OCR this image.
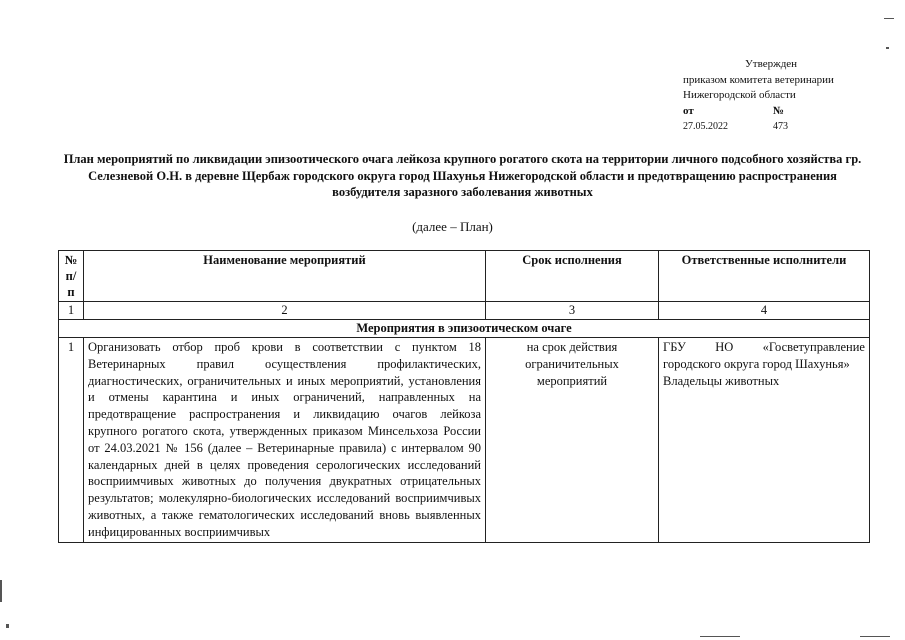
Утвержден
приказом комитета ветеринарии
Нижегородской области
от	№
27.05.2022	473
План мероприятий по ликвидации эпизоотического очага лейкоза крупного рогатого скота на территории личного подсобного хозяйства гр. Селезневой О.Н. в деревне Щербаж городского округа город Шахунья Нижегородской области и предотвращению распространения возбудителя заразного заболевания животных
(далее – План)
№ п/п	Наименование мероприятий	Срок исполнения	Ответственные исполнители
1	2	3	4
Мероприятия в эпизоотическом очаге			
1	Организовать отбор проб крови в соответствии с пунктом 18 Ветеринарных правил осуществления профилактических, диагностических, ограничительных и иных мероприятий, установления и отмены карантина и иных ограничений, направленных на предотвращение распространения и ликвидацию очагов лейкоза крупного рогатого скота, утвержденных приказом Минсельхоза России от 24.03.2021 № 156 (далее – Ветеринарные правила) с интервалом 90 календарных дней в целях проведения серологических исследований восприимчивых животных до получения двукратных отрицательных результатов; молекулярно-биологических исследований восприимчивых животных, а также гематологических исследований вновь выявленных инфицированных восприимчивых	на срок действия ограничительных мероприятий	ГБУ НО «Госветуправление городского округа город Шахунья»
Владельцы животных
